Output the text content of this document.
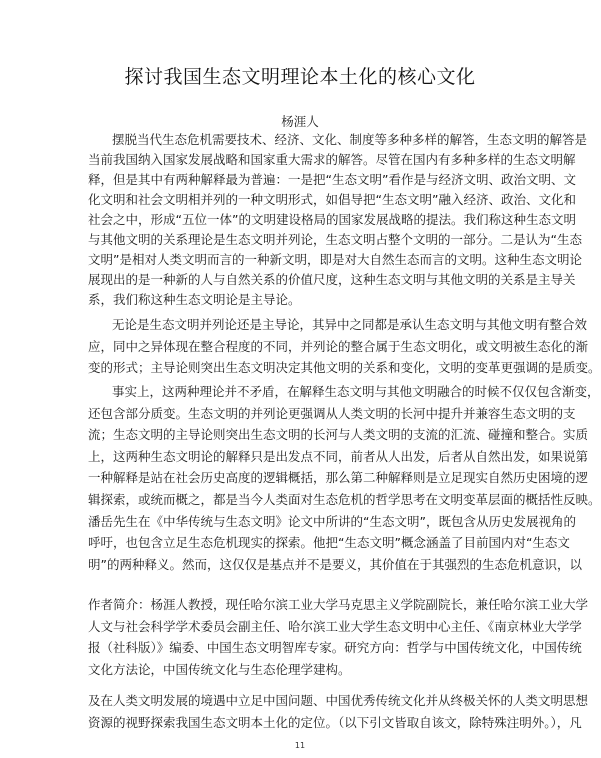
探讨我国生态文明理论本土化的核心文化
杨涯人
摆脱当代生态危机需要技术、经济、文化、制度等多种多样的解答，生态文明的解答是
当前我国纳入国家发展战略和国家重大需求的解答。尽管在国内有多种多样的生态文明解
释，但是其中有两种解释最为普遍：一是把“生态文明”看作是与经济文明、政治文明、文
化文明和社会文明相并列的一种文明形式，如倡导把“生态文明”融入经济、政治、文化和
社会之中，形成“五位一体”的文明建设格局的国家发展战略的提法。我们称这种生态文明
与其他文明的关系理论是生态文明并列论，生态文明占整个文明的一部分。二是认为“生态
文明”是相对人类文明而言的一种新文明，即是对大自然生态而言的文明。这种生态文明论
展现出的是一种新的人与自然关系的价值尺度，这种生态文明与其他文明的关系是主导关
系，我们称这种生态文明论是主导论。
无论是生态文明并列论还是主导论，其异中之同都是承认生态文明与其他文明有整合效
应，同中之异体现在整合程度的不同，并列论的整合属于生态文明化，或文明被生态化的渐
变的形式；主导论则突出生态文明决定其他文明的关系和变化，文明的变革更强调的是质变。
事实上，这两种理论并不矛盾，在解释生态文明与其他文明融合的时候不仅仅包含渐变，
还包含部分质变。生态文明的并列论更强调从人类文明的长河中提升并兼容生态文明的支
流；生态文明的主导论则突出生态文明的长河与人类文明的支流的汇流、碰撞和整合。实质
上，这两种生态文明论的解释只是出发点不同，前者从人出发，后者从自然出发，如果说第
一种解释是站在社会历史高度的逻辑概括，那么第二种解释则是立足现实自然历史困境的逻
辑探索，或统而概之，都是当今人类面对生态危机的哲学思考在文明变革层面的概括性反映。
潘岳先生在《中华传统与生态文明》论文中所讲的“生态文明”，既包含从历史发展视角的
呼吁，也包含立足生态危机现实的探索。他把“生态文明”概念涵盖了目前国内对“生态文
明”的两种释义。然而，这仅仅是基点并不是要义，其价值在于其强烈的生态危机意识，以
作者简介：杨涯人教授，现任哈尔滨工业大学马克思主义学院副院长，兼任哈尔滨工业大学
人文与社会科学学术委员会副主任、哈尔滨工业大学生态文明中心主任、《南京林业大学学
报（社科版）》编委、中国生态文明智库专家。研究方向：哲学与中国传统文化，中国传统
文化方法论，中国传统文化与生态伦理学建构。
及在人类文明发展的境遇中立足中国问题、中国优秀传统文化并从终极关怀的人类文明思想
资源的视野探索我国生态文明本土化的定位。（以下引文皆取自该文，除特殊注明外。），凡
11
